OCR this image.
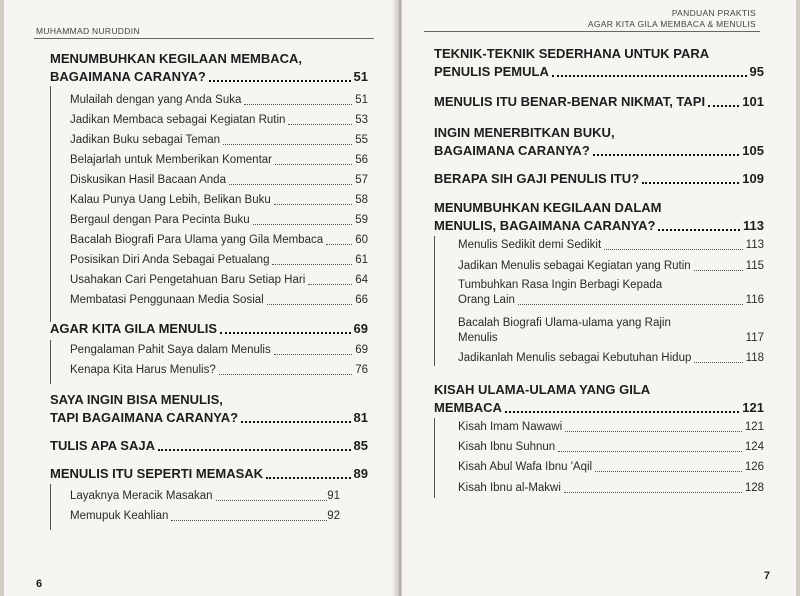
MUHAMMAD NURUDDIN
MENUMBUHKAN KEGILAAN MEMBACA,
BAGAIMANA CARANYA?	51
Mulailah dengan yang Anda Suka	51
Jadikan Membaca sebagai Kegiatan Rutin	53
Jadikan Buku sebagai Teman	55
Belajarlah untuk Memberikan Komentar	56
Diskusikan Hasil Bacaan Anda	57
Kalau Punya Uang Lebih, Belikan Buku	58
Bergaul dengan Para Pecinta Buku	59
Bacalah Biografi Para Ulama yang Gila Membaca	60
Posisikan Diri Anda Sebagai Petualang	61
Usahakan Cari Pengetahuan Baru Setiap Hari	64
Membatasi Penggunaan Media Sosial	66
AGAR KITA GILA MENULIS	69
Pengalaman Pahit Saya dalam Menulis	69
Kenapa Kita Harus Menulis?	76
SAYA INGIN BISA MENULIS,
TAPI BAGAIMANA CARANYA?	81
TULIS APA SAJA	85
MENULIS ITU SEPERTI MEMASAK	89
Layaknya Meracik Masakan	91
Memupuk Keahlian	92
6
PANDUAN PRAKTIS
AGAR KITA GILA MEMBACA & MENULIS
TEKNIK-TEKNIK SEDERHANA UNTUK PARA
PENULIS PEMULA	95
MENULIS ITU BENAR-BENAR NIKMAT, TAPI	101
INGIN MENERBITKAN BUKU,
BAGAIMANA CARANYA?	105
BERAPA SIH GAJI PENULIS ITU?	109
MENUMBUHKAN KEGILAAN DALAM
MENULIS, BAGAIMANA CARANYA?	113
Menulis Sedikit demi Sedikit	113
Jadikan Menulis sebagai Kegiatan yang Rutin	115
Tumbuhkan Rasa Ingin Berbagi Kepada
Orang Lain	116
Bacalah Biografi Ulama-ulama yang Rajin
Menulis	117
Jadikanlah Menulis sebagai Kebutuhan Hidup	118
KISAH ULAMA-ULAMA YANG GILA
MEMBACA	121
Kisah Imam Nawawi	121
Kisah Ibnu Suhnun	124
Kisah Abul Wafa Ibnu 'Aqil	126
Kisah Ibnu al-Makwi	128
7
